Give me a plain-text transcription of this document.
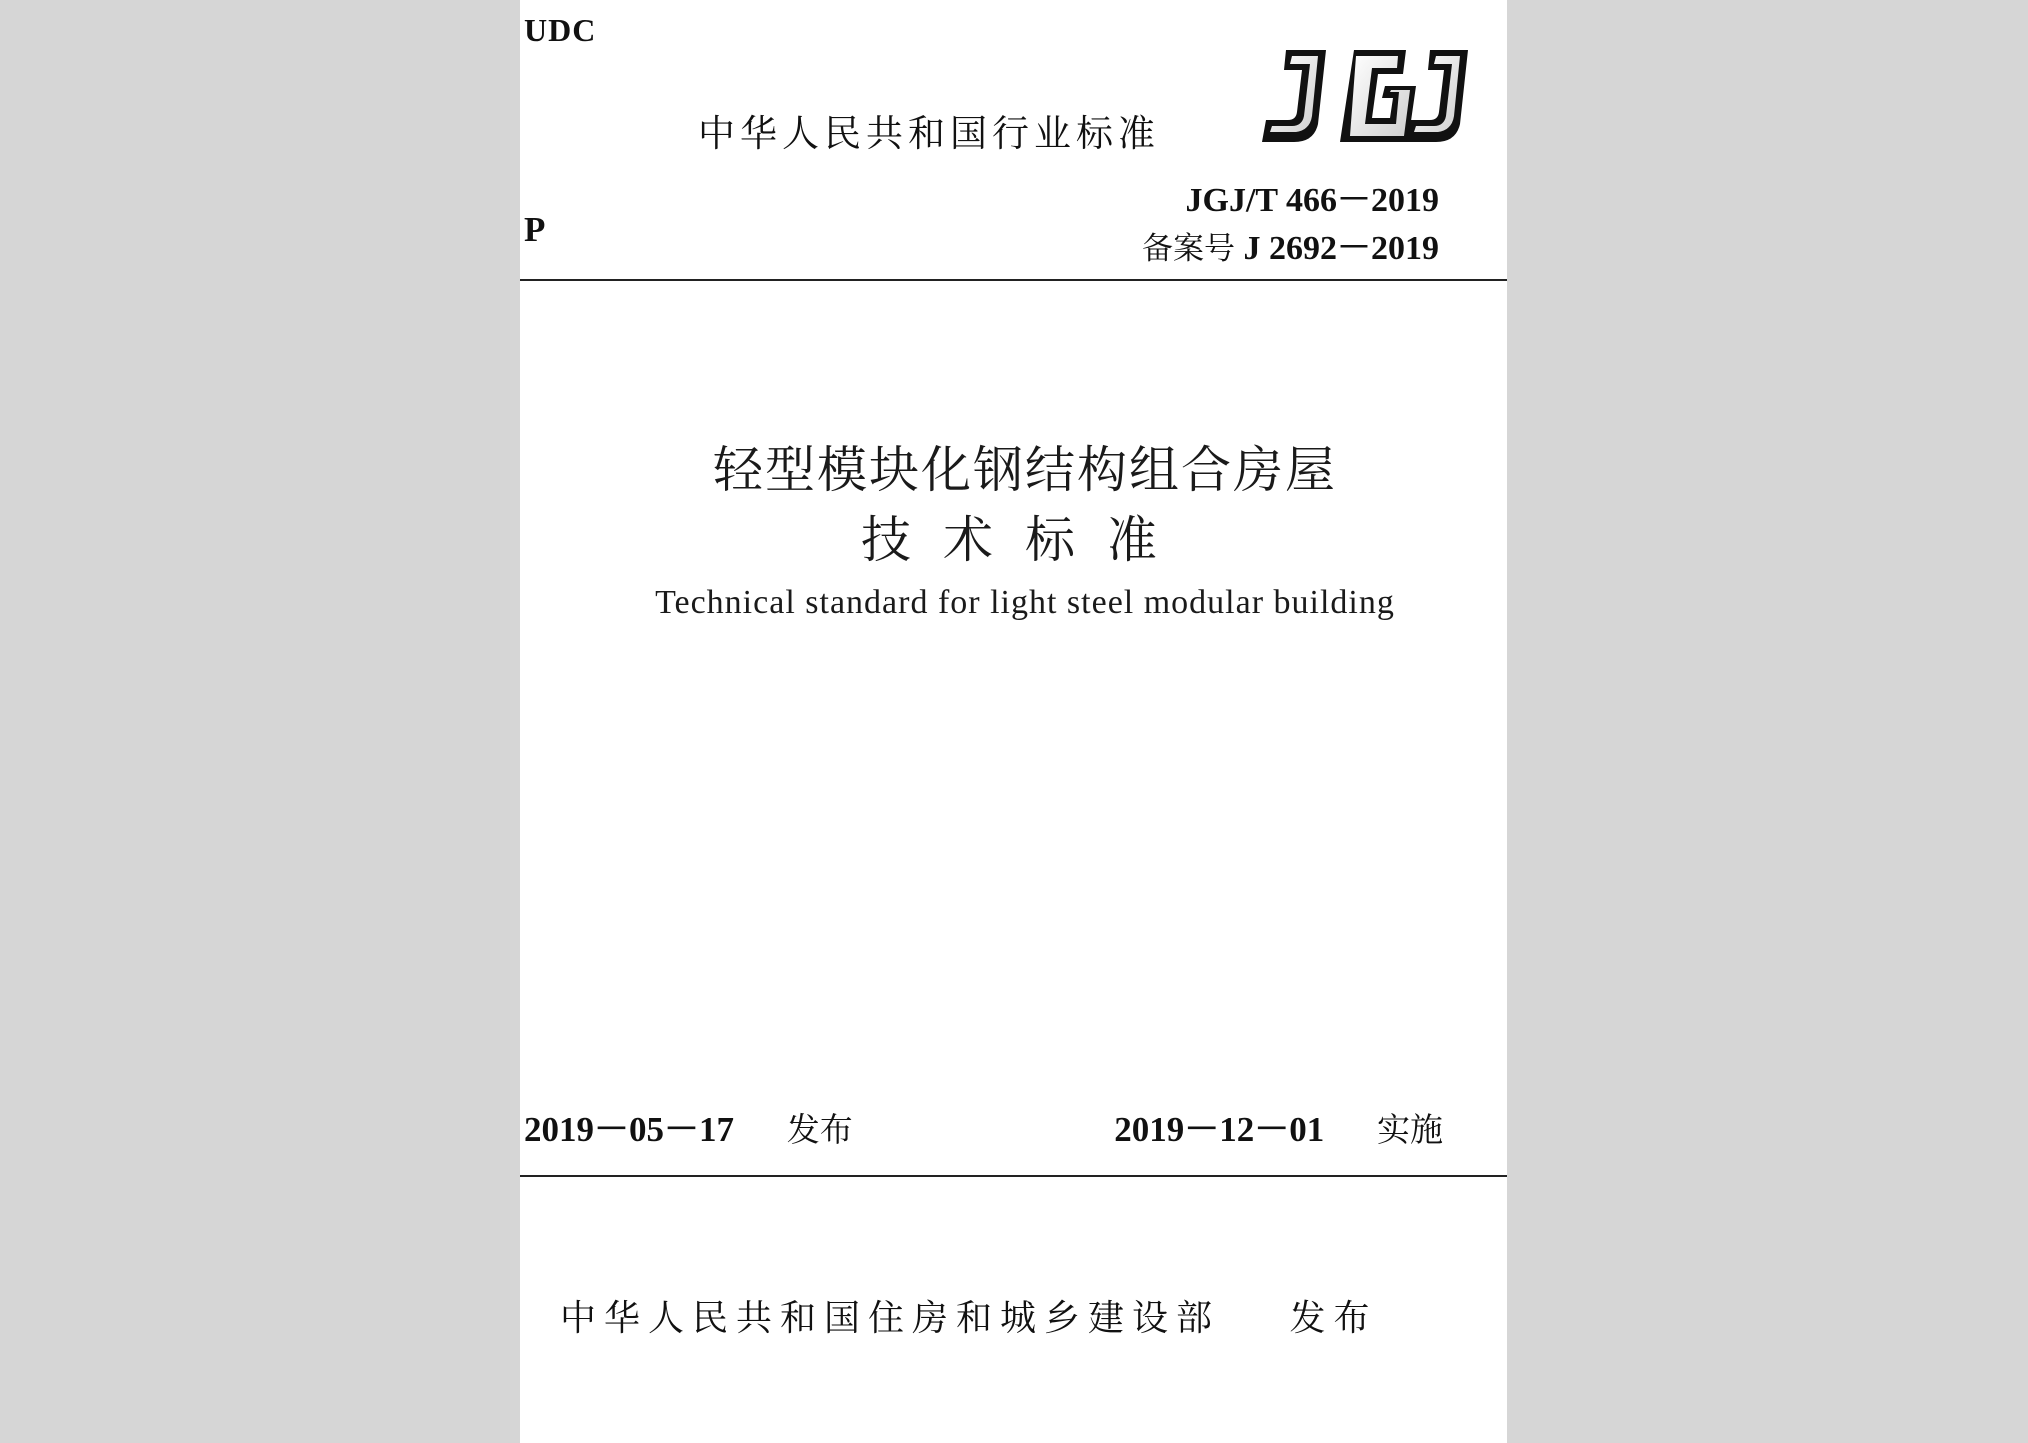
UDC
中华人民共和国行业标准
JGJ/T 466－2019
备案号 J 2692－2019
P
轻型模块化钢结构组合房屋
技术标准
Technical standard for light steel modular building
2019－05－17 发布	2019－12－01 实施
中华人民共和国住房和城乡建设部 发布
